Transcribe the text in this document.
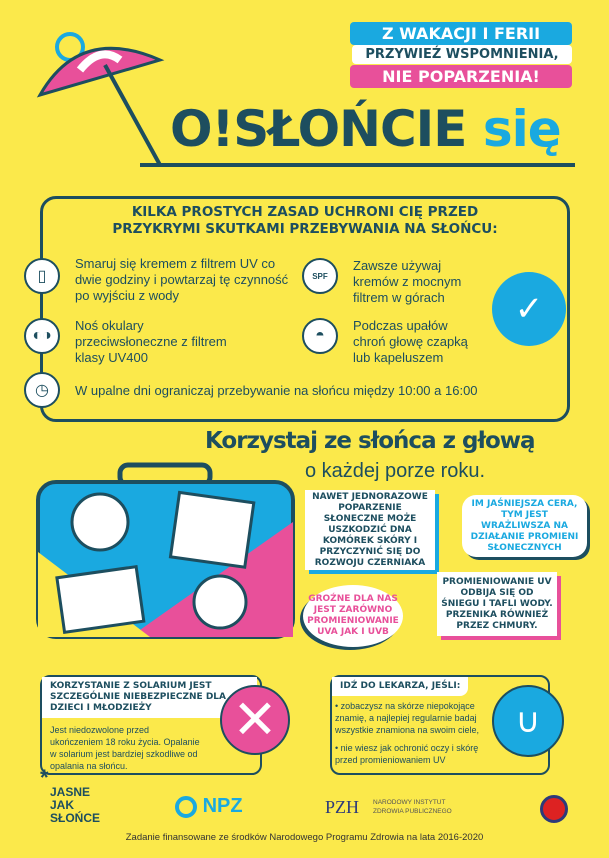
Z WAKACJI I FERII
PRZYWIEŹ WSPOMNIENIA,
NIE POPARZENIA!
O!SŁOŃCIE się
KILKA PROSTYCH ZASAD UCHRONI CIĘ PRZED
PRZYKRYMI SKUTKAMI PRZEBYWANIA NA SŁOŃCU:
▯
Smaruj się kremem z filtrem UV co dwie godziny i powtarzaj tę czynność po wyjściu z wody
SPF
Zawsze używaj kremów z mocnym filtrem w górach
◐◑
Noś okulary przeciwsłoneczne z filtrem klasy UV400
◓
Podczas upałów chroń głowę czapką lub kapeluszem
◷	W upalne dni ograniczaj przebywanie na słońcu między 10:00 a 16:00
✓
Korzystaj ze słońca z głową
o każdej porze roku.
NAWET JEDNORAZOWE POPARZENIE SŁONECZNE MOŻE USZKODZIĆ DNA KOMÓREK SKÓRY I PRZYCZYNIĆ SIĘ DO ROZWOJU CZERNIAKA
IM JAŚNIEJSZA CERA, TYM JEST WRAŻLIWSZA NA DZIAŁANIE PROMIENI SŁONECZNYCH
GROŹNE DLA NAS JEST ZARÓWNO PROMIENIOWANIE UVA JAK I UVB
PROMIENIOWANIE UV ODBIJA SIĘ OD ŚNIEGU I TAFLI WODY. PRZENIKA RÓWNIEŻ PRZEZ CHMURY.
KORZYSTANIE Z SOLARIUM JEST SZCZEGÓLNIE NIEBEZPIECZNE DLA DZIECI I MŁODZIEŻY
Jest niedozwolone przed ukończeniem 18 roku życia. Opalanie w solarium jest bardziej szkodliwe od opalania na słońcu.
✕
IDŹ DO LEKARZA, JEŚLI:
• zobaczysz na skórze niepokojące znamię, a najlepiej regularnie badaj wszystkie znamiona na swoim ciele,
• nie wiesz jak ochronić oczy i skórę przed promieniowaniem UV
∪
*
JASNE JAK SŁOŃCE
NPZ	PZH NARODOWY INSTYTUT
ZDROWIA PUBLICZNEGO
Zadanie finansowane ze środków Narodowego Programu Zdrowia na lata 2016-2020
